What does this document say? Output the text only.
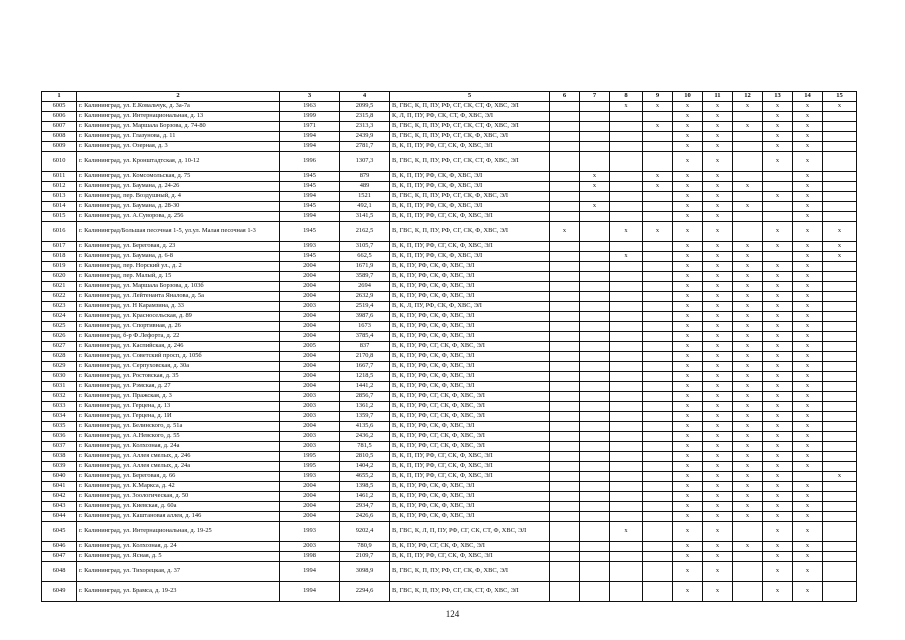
1	2	3	4	5	6	7	8	9	10	11	12	13	14	15
6005	г. Калининград, ул. Е.Ковальчук, д. 3а-7а	1963	2099,5	В, ГВС, К, П, ПУ, РФ, СГ, СК, СТ, Ф, ХВС, ЭЛ			х	х	х	х	х	х	х	х
6006	г. Калининград, ул. Интернациональная, д. 13	1999	2315,8	К, Л, П, ПУ, РФ, СК, СТ, Ф, ХВС, ЭЛ					х	х		х	х	
6007	г. Калининград, ул. Маршала Борзова, д. 74-80	1971	2313,3	В, ГВС, К, П, ПУ, РФ, СГ, СК, СТ, Ф, ХВС, ЭЛ				х	х	х	х	х	х	
6008	г. Калининград, ул. Глазунова, д. 11	1994	2439,9	В, ГВС, К, П, ПУ, РФ, СГ, СК, Ф, ХВС, ЭЛ					х	х		х	х	
6009	г. Калининград, ул. Озерная, д. 3	1994	2781,7	В, К, П, ПУ, РФ, СГ, СК, Ф, ХВС, ЭЛ					х	х		х	х	
6010	г. Калининград, ул. Кронштадтская, д. 10-12	1996	1307,3	В, ГВС, К, П, ПУ, РФ, СГ, СК, СТ, Ф, ХВС, ЭЛ					х	х		х	х	
6011	г. Калининград, ул. Комсомольская, д. 75	1945	879	В, К, П, ПУ, РФ, СК, Ф, ХВС, ЭЛ		х		х	х	х			х	
6012	г. Калининград, ул. Баумана, д. 24-26	1945	489	В, К, П, ПУ, РФ, СК, Ф, ХВС, ЭЛ		х		х	х	х	х		х	
6013	г. Калининград, пер. Воздушный, д. 4	1994	1521	В, ГВС, К, П, ПУ, РФ, СГ, СК, Ф, ХВС, ЭЛ					х	х		х	х	
6014	г. Калининград, ул. Баумана, д. 28-30	1945	492,1	В, К, П, ПУ, РФ, СК, Ф, ХВС, ЭЛ		х			х	х	х		х	
6015	г. Калининград, ул. А.Суворова, д. 256	1994	3141,5	В, К, П, ПУ, РФ, СГ, СК, Ф, ХВС, ЭЛ					х	х			х	
6016	г. Калининград/Большая песочная 1-5, ул.ул. Малая песочная 1-3	1945	2162,5	В, ГВС, К, П, ПУ, РФ, СГ, СК, Ф, ХВС, ЭЛ	х		х	х	х	х		х	х	х
6017	г. Калининград, ул. Береговая, д. 23	1993	3105,7	В, К, П, ПУ, РФ, СГ, СК, Ф, ХВС, ЭЛ					х	х	х	х	х	х
6018	г. Калининград, ул. Баумана, д. 6-8	1945	662,5	В, К, П, ПУ, РФ, СК, Ф, ХВС, ЭЛ			х		х	х	х		х	х
6019	г. Калининград, пер. Норский ул., д. 2	2004	1671,9	В, К, ПУ, РФ, СК, Ф, ХВС, ЭЛ					х	х	х	х	х	
6020	г. Калининград, пер. Малый, д. 15	2004	3589,7	В, К, ПУ, РФ, СК, Ф, ХВС, ЭЛ					х	х	х	х	х	
6021	г. Калининград, ул. Маршала Борзова, д. 103б	2004	2694	В, К, ПУ, РФ, СК, Ф, ХВС, ЭЛ					х	х	х	х	х	
6022	г. Калининград, ул. Лейтенанта Яналова, д. 5а	2004	2632,9	В, К, ПУ, РФ, СК, Ф, ХВС, ЭЛ					х	х	х	х	х	
6023	г. Калининград, ул. Н Карамзина, д. 33	2003	2519,4	В, К, Л, ПУ, РФ, СК, Ф, ХВС, ЭЛ					х	х	х	х	х	
6024	г. Калининград, ул. Красносельская, д. 89	2004	3987,6	В, К, ПУ, РФ, СК, Ф, ХВС, ЭЛ					х	х	х	х	х	
6025	г. Калининград, ул. Спортивная, д. 26	2004	1673	В, К, ПУ, РФ, СК, Ф, ХВС, ЭЛ					х	х	х	х	х	
6026	г. Калининград, б-р Ф.Лефорта, д. 22	2004	3785,4	В, К, ПУ, РФ, СК, Ф, ХВС, ЭЛ					х	х	х	х	х	
6027	г. Калининград, ул. Каспийская, д. 246	2005	837	В, К, ПУ, РФ, СГ, СК, Ф, ХВС, ЭЛ					х	х	х	х	х	
6028	г. Калининград, ул. Советский просп, д. 105б	2004	2170,8	В, К, ПУ, РФ, СК, Ф, ХВС, ЭЛ					х	х	х	х	х	
6029	г. Калининград, ул. Серпуховская, д. 30а	2004	1667,7	В, К, ПУ, РФ, СК, Ф, ХВС, ЭЛ					х	х	х	х	х	
6030	г. Калининград, ул. Ростовская, д. 35	2004	1218,5	В, К, ПУ, РФ, СК, Ф, ХВС, ЭЛ					х	х	х	х	х	
6031	г. Калининград, ул. Рэмская, д. 27	2004	1441,2	В, К, ПУ, РФ, СК, Ф, ХВС, ЭЛ					х	х	х	х	х	
6032	г. Калининград, ул. Пражская, д. 3	2003	2856,7	В, К, ПУ, РФ, СГ, СК, Ф, ХВС, ЭЛ					х	х	х	х	х	
6033	г. Калининград, ул. Герцена, д. 13	2003	1361,2	В, К, ПУ, РФ, СГ, СК, Ф, ХВС, ЭЛ					х	х	х	х	х	
6034	г. Калининград, ул. Герцена, д. 1И	2003	1359,7	В, К, ПУ, РФ, СГ, СК, Ф, ХВС, ЭЛ					х	х	х	х	х	
6035	г. Калининград, ул. Белинского, д. 51а	2004	4135,6	В, К, ПУ, РФ, СК, Ф, ХВС, ЭЛ					х	х	х	х	х	
6036	г. Калининград, ул. А.Невского, д. 55	2003	2436,2	В, К, ПУ, РФ, СГ, СК, Ф, ХВС, ЭЛ					х	х	х	х	х	
6037	г. Калининград, ул. Колхозная, д. 24а	2003	781,5	В, К, ПУ, РФ, СГ, СК, Ф, ХВС, ЭЛ					х	х	х	х	х	
6038	г. Калининград, ул. Аллея смелых, д. 246	1995	2810,5	В, К, П, ПУ, РФ, СГ, СК, Ф, ХВС, ЭЛ					х	х	х	х	х	
6039	г. Калининград, ул. Аллея смелых, д. 24а	1995	1404,2	В, К, П, ПУ, РФ, СГ, СК, Ф, ХВС, ЭЛ					х	х	х	х	х	
6040	г. Калининград, ул. Береговая, д. 66	1993	4655,2	В, К, П, ПУ, РФ, СГ, СК, Ф, ХВС, ЭЛ					х	х	х	х		х
6041	г. Калининград, ул. К.Маркса, д. 42	2004	1398,5	В, К, ПУ, РФ, СК, Ф, ХВС, ЭЛ					х	х	х	х	х	
6042	г. Калининград, ул. Зоологическая, д. 50	2004	1461,2	В, К, ПУ, РФ, СК, Ф, ХВС, ЭЛ					х	х	х	х	х	
6043	г. Калининград, ул. Киевская, д. 60а	2004	2934,7	В, К, ПУ, РФ, СК, Ф, ХВС, ЭЛ					х	х	х	х	х	
6044	г. Калининград, ул. Каштановая аллея, д. 146	2004	2426,6	В, К, ПУ, РФ, СК, Ф, ХВС, ЭЛ					х	х	х	х	х	
6045	г. Калининград, ул. Интернациональная, д. 19-25	1993	9202,4	В, ГВС, К, Л, П, ПУ, РФ, СГ, СК, СТ, Ф, ХВС, ЭЛ			х		х	х		х	х	
6046	г. Калининград, ул. Колхозная, д. 24	2003	780,9	В, К, ПУ, РФ, СГ, СК, Ф, ХВС, ЭЛ					х	х	х	х	х	
6047	г. Калининград, ул. Ясная, д. 5	1998	2109,7	В, К, П, ПУ, РФ, СГ, СК, Ф, ХВС, ЭЛ					х	х		х	х	
6048	г. Калининград, ул. Тихорецкая, д. 37	1994	3098,9	В, ГВС, К, П, ПУ, РФ, СГ, СК, Ф, ХВС, ЭЛ					х	х		х	х	
6049	г. Калининград, ул. Брамса, д. 19-23	1994	2294,6	В, ГВС, К, П, ПУ, РФ, СГ, СК, СТ, Ф, ХВС, ЭЛ					х	х		х	х	
124
